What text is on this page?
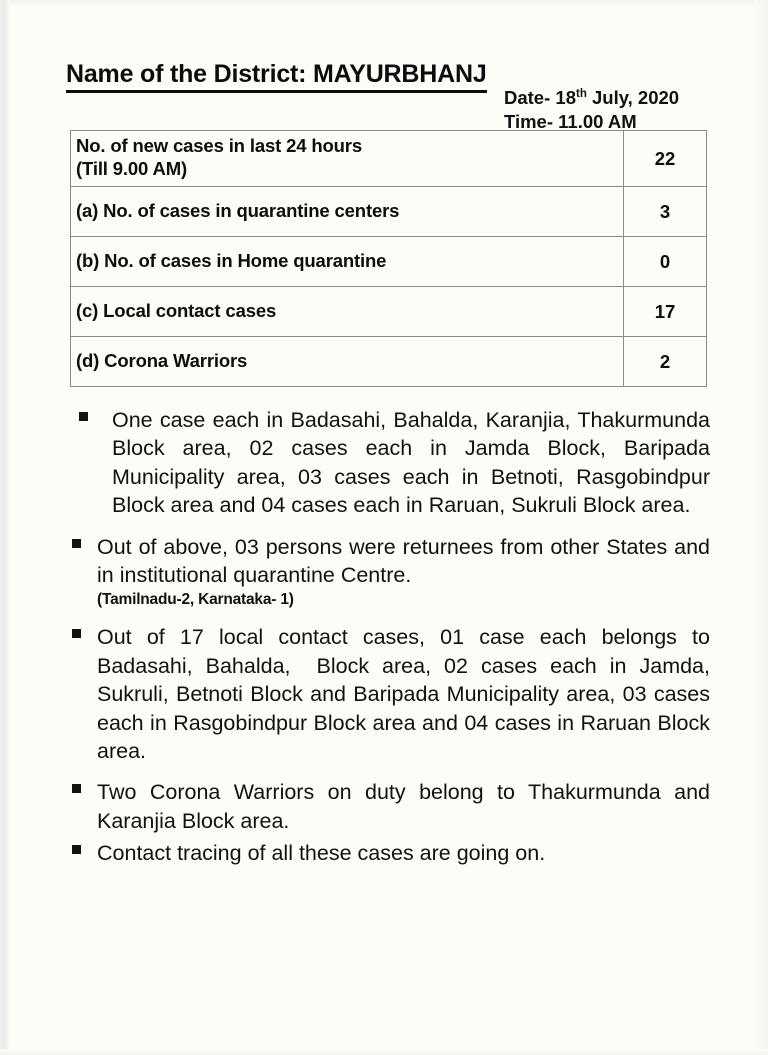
Name of the District: MAYURBHANJ
Date- 18th July, 2020
Time- 11.00 AM
No. of new cases in last 24 hours
(Till 9.00 AM)	22
(a) No. of cases in quarantine centers	3
(b) No. of cases in Home quarantine	0
(c) Local contact cases	17
(d) Corona Warriors	2
One case each in Badasahi, Bahalda, Karanjia, Thakurmunda Block area, 02 cases each in Jamda Block, Baripada Municipality area, 03 cases each in Betnoti, Rasgobindpur Block area and 04 cases each in Raruan, Sukruli Block area.
Out of above, 03 persons were returnees from other States and in institutional quarantine Centre.
(Tamilnadu-2, Karnataka- 1)
Out of 17 local contact cases, 01 case each belongs to Badasahi, Bahalda,  Block area, 02 cases each in Jamda, Sukruli, Betnoti Block and Baripada Municipality area, 03 cases each in Rasgobindpur Block area and 04 cases in Raruan Block area.
Two Corona Warriors on duty belong to Thakurmunda and Karanjia Block area.
Contact tracing of all these cases are going on.
